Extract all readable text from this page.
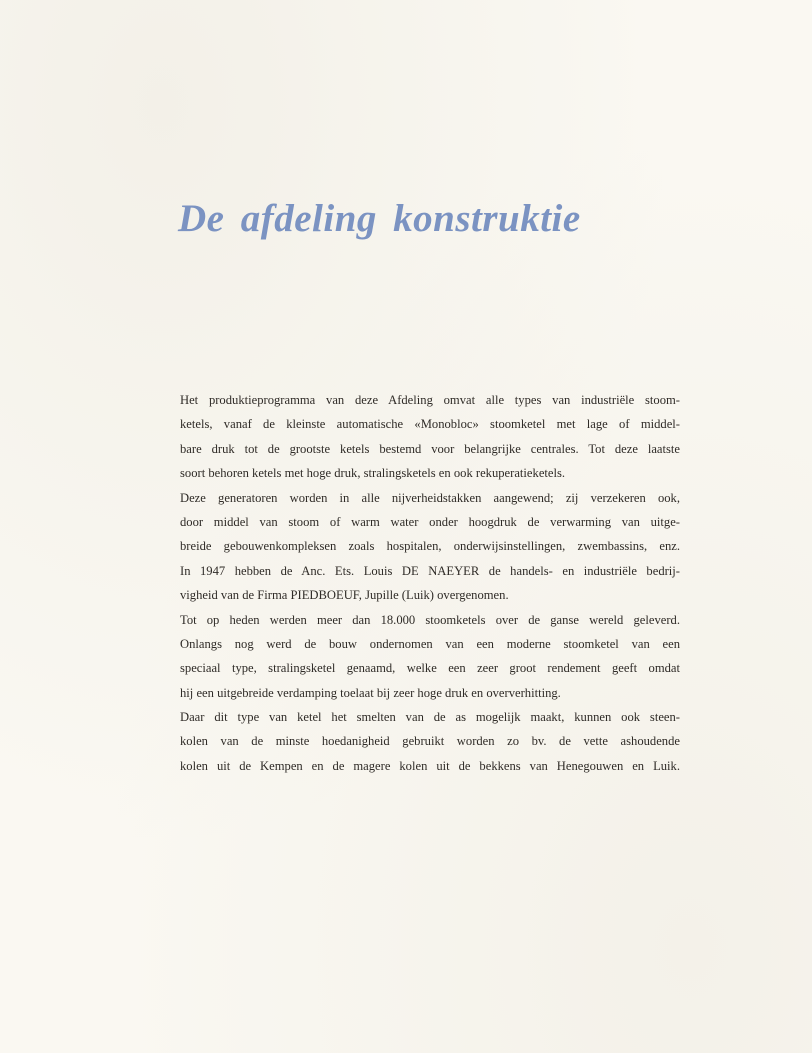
De afdeling konstruktie
Het produktieprogramma van deze Afdeling omvat alle types van industriële stoom-
ketels, vanaf de kleinste automatische «Monobloc» stoomketel met lage of middel-
bare druk tot de grootste ketels bestemd voor belangrijke centrales. Tot deze laatste
soort behoren ketels met hoge druk, stralingsketels en ook rekuperatieketels.
Deze generatoren worden in alle nijverheidstakken aangewend; zij verzekeren ook,
door middel van stoom of warm water onder hoogdruk de verwarming van uitge-
breide gebouwenkompleksen zoals hospitalen, onderwijsinstellingen, zwembassins, enz.
In 1947 hebben de Anc. Ets. Louis DE NAEYER de handels- en industriële bedrij-
vigheid van de Firma PIEDBOEUF, Jupille (Luik) overgenomen.
Tot op heden werden meer dan 18.000 stoomketels over de ganse wereld geleverd.
Onlangs nog werd de bouw ondernomen van een moderne stoomketel van een
speciaal type, stralingsketel genaamd, welke een zeer groot rendement geeft omdat
hij een uitgebreide verdamping toelaat bij zeer hoge druk en oververhitting.
Daar dit type van ketel het smelten van de as mogelijk maakt, kunnen ook steen-
kolen van de minste hoedanigheid gebruikt worden zo bv. de vette ashoudende
kolen uit de Kempen en de magere kolen uit de bekkens van Henegouwen en Luik.
